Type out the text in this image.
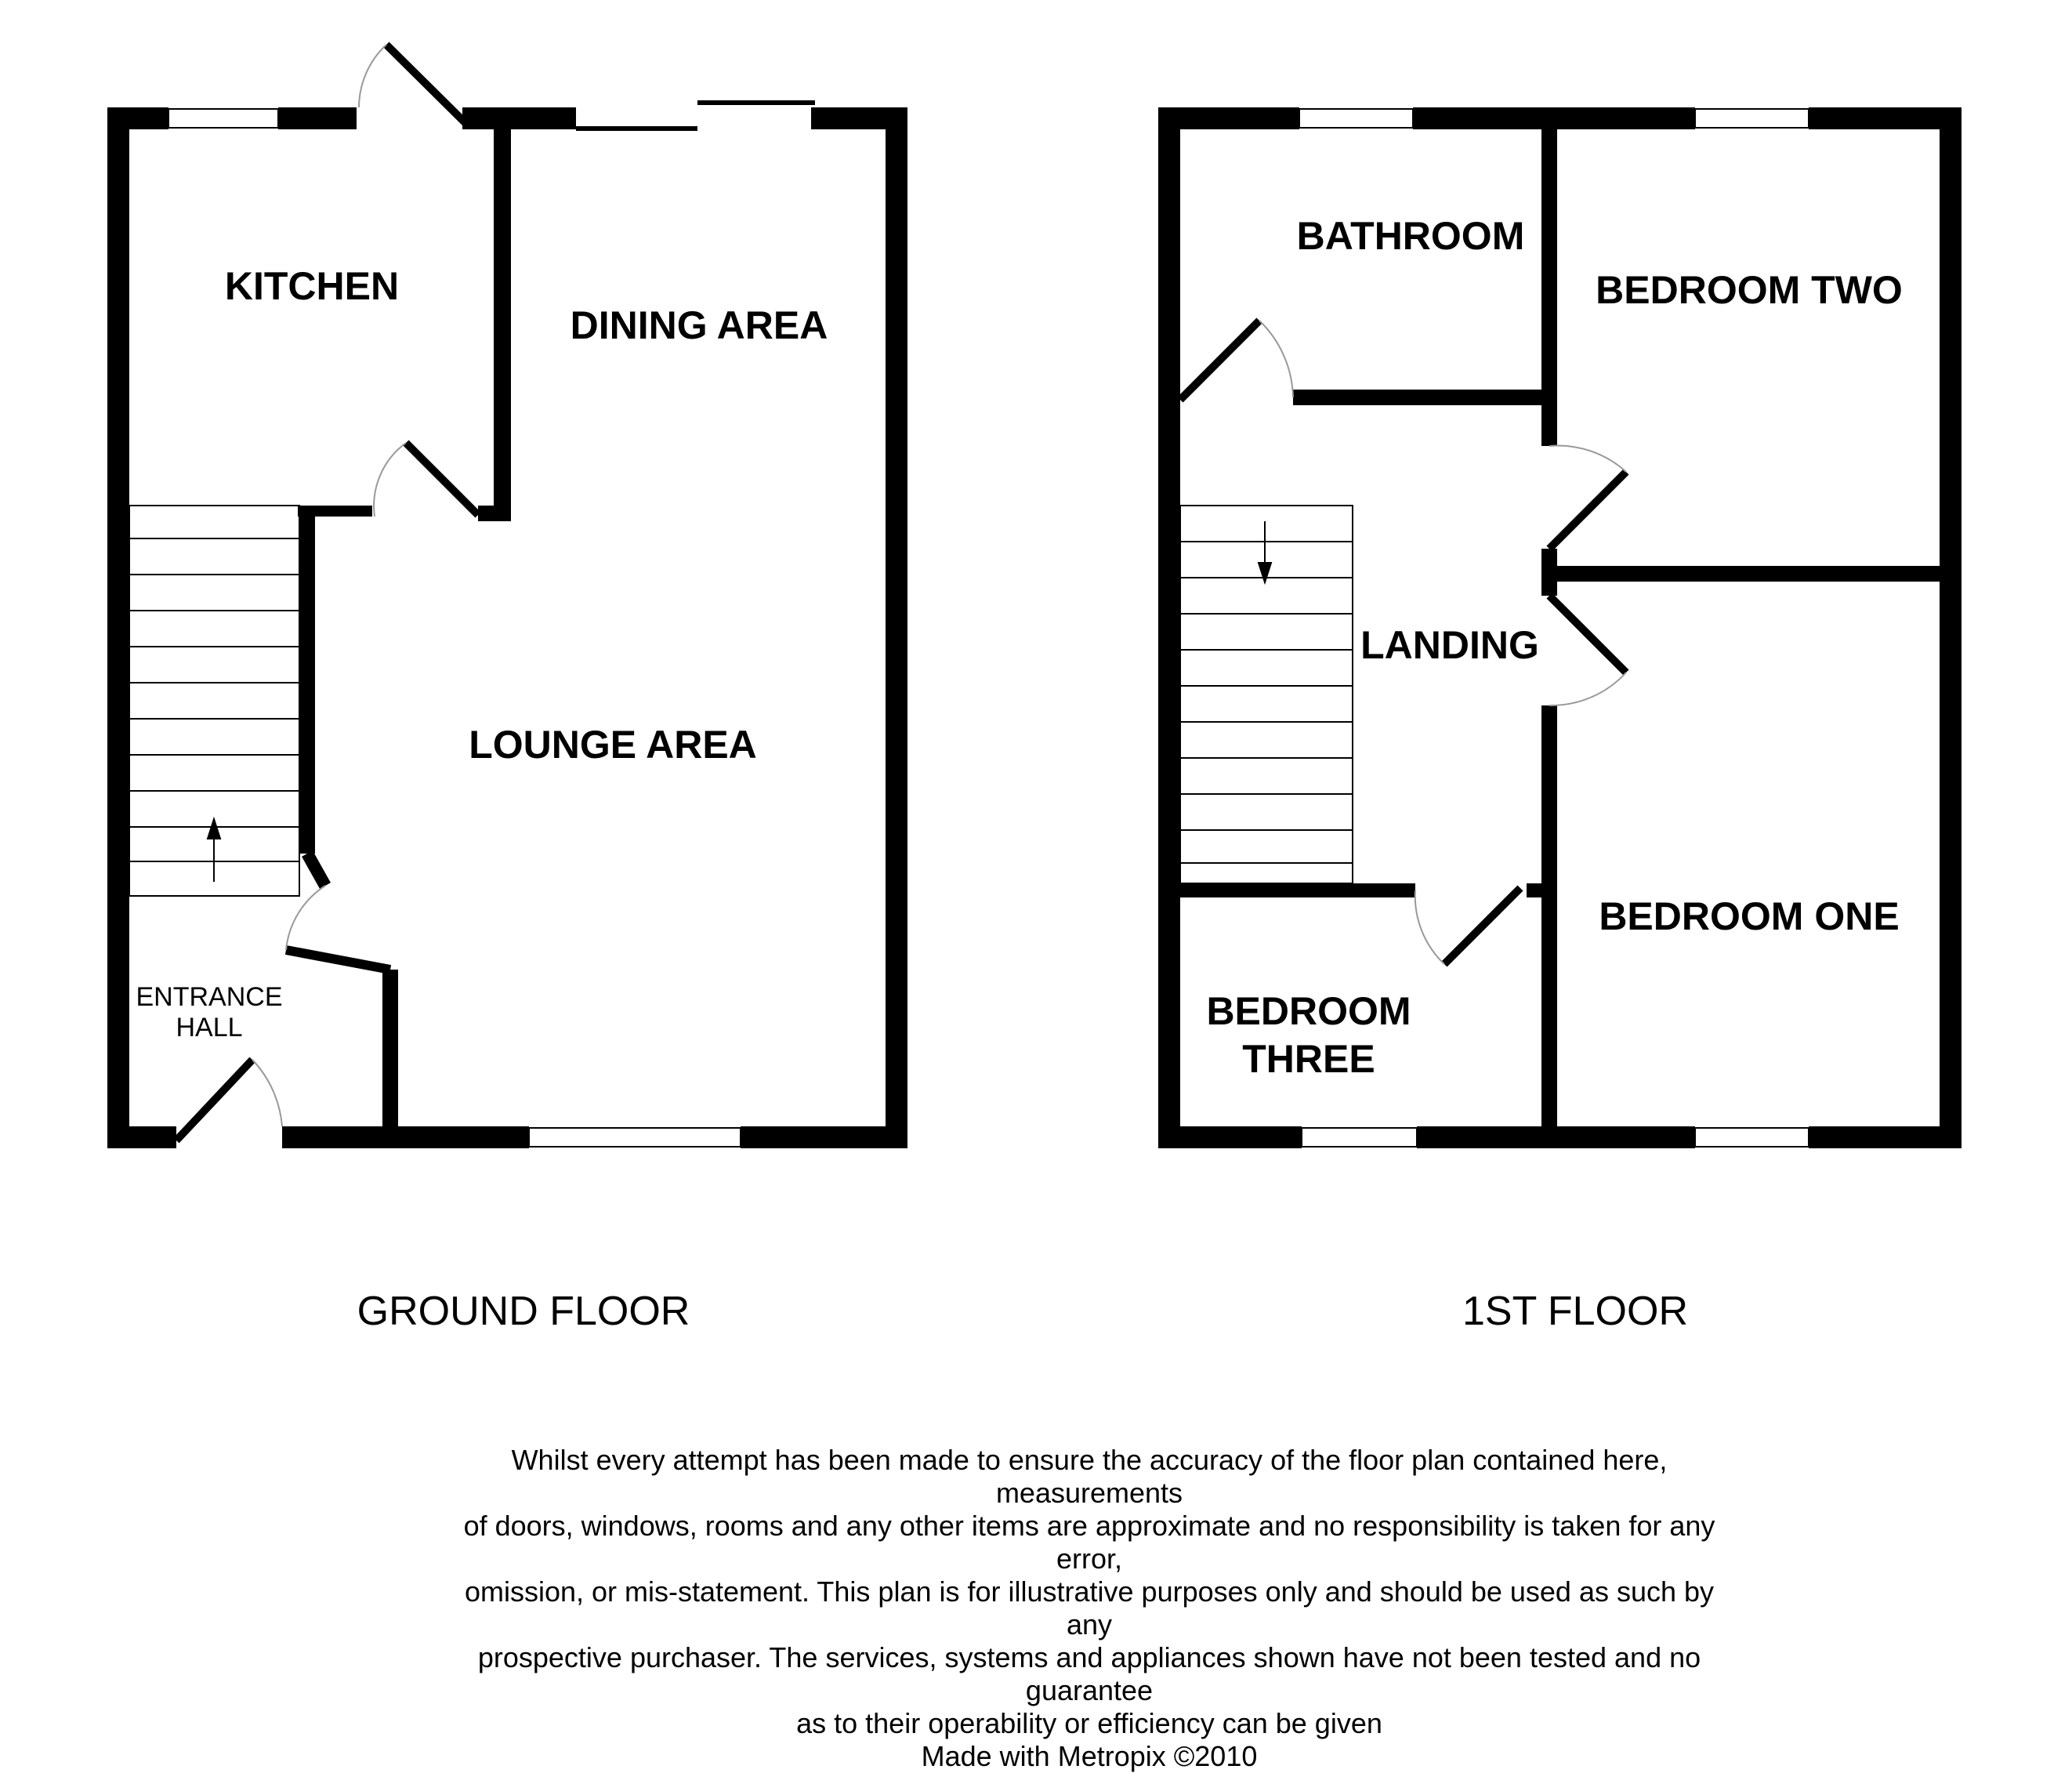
KITCHEN
DINING AREA
LOUNGE AREA
ENTRANCE
HALL
GROUND FLOOR
BATHROOM
BEDROOM TWO
LANDING
BEDROOM ONE
BEDROOM
THREE
1ST FLOOR
Whilst every attempt has been made to ensure the accuracy of the floor plan contained here, measurements
of doors, windows, rooms and any other items are approximate and no responsibility is taken for any error,
omission, or mis-statement. This plan is for illustrative purposes only and should be used as such by any
prospective purchaser. The services, systems and appliances shown have not been tested and no guarantee
as to their operability or efficiency can be given
Made with Metropix ©2010
